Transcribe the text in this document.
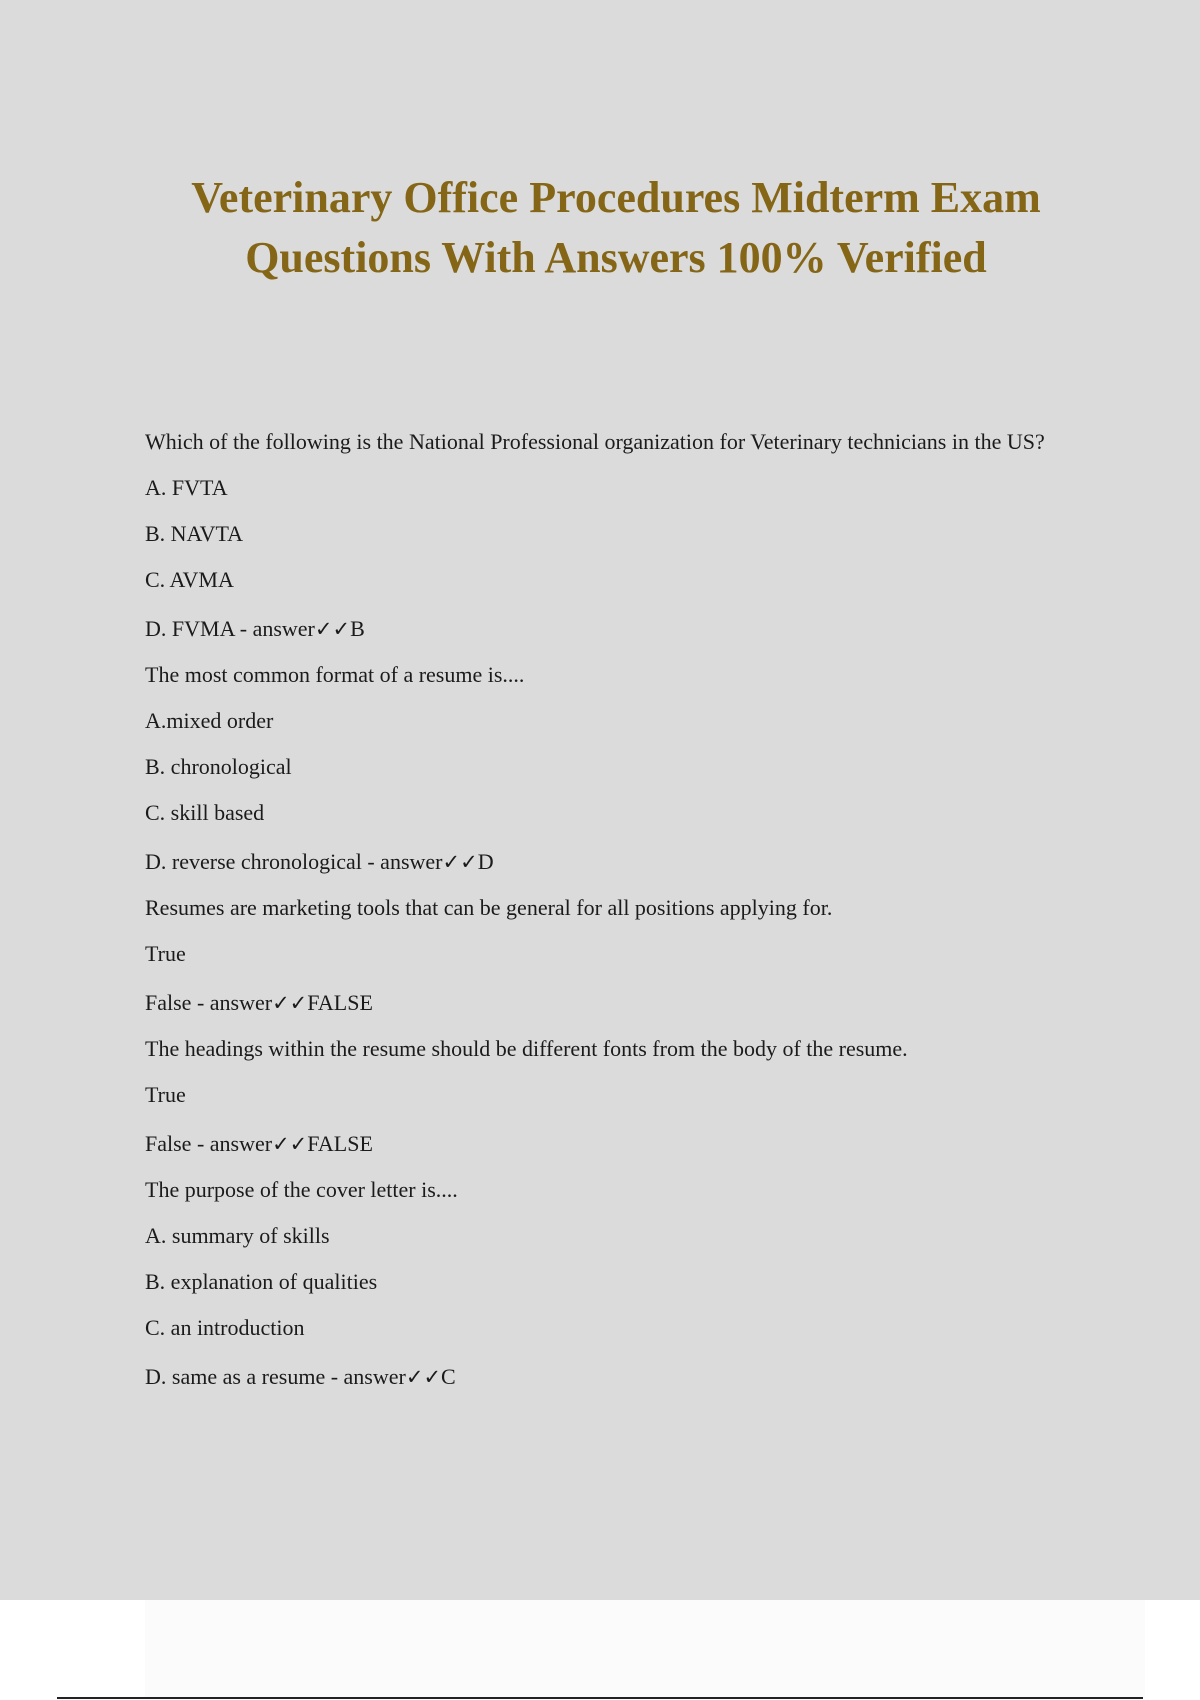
Veterinary Office Procedures Midterm Exam
Questions With Answers 100% Verified

Which of the following is the National Professional organization for Veterinary technicians in the US?

A. FVTA

B. NAVTA

C. AVMA

D. FVMA - answer✓✓B

The most common format of a resume is....

A.mixed order

B. chronological

C. skill based

D. reverse chronological - answer✓✓D

Resumes are marketing tools that can be general for all positions applying for.

True

False - answer✓✓FALSE

The headings within the resume should be different fonts from the body of the resume.

True

False - answer✓✓FALSE

The purpose of the cover letter is....

A. summary of skills

B. explanation of qualities

C. an introduction

D. same as a resume - answer✓✓C
